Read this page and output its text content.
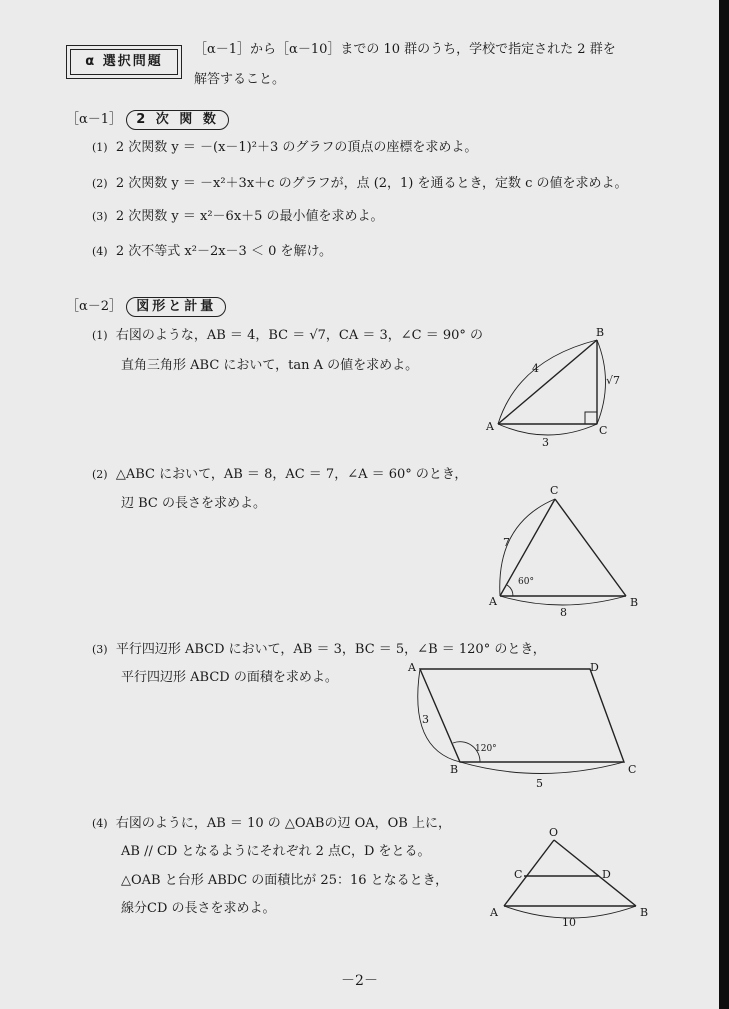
α 選択問題
［α－1］から［α－10］までの 10 群のうち，学校で指定された 2 群を
解答すること。
［α－1］ 2 次 関 数
(1) 2 次関数 y ＝ －(x－1)²＋3 のグラフの頂点の座標を求めよ。
(2) 2 次関数 y ＝ －x²＋3x＋c のグラフが，点 (2，1) を通るとき，定数 c の値を求めよ。
(3) 2 次関数 y ＝ x²－6x＋5 の最小値を求めよ。
(4) 2 次不等式 x²－2x－3 ＜ 0 を解け。
［α－2］ 図形と計量
(1) 右図のような，AB ＝ 4，BC ＝ √7，CA ＝ 3，∠C ＝ 90° の
直角三角形 ABC において，tan A の値を求めよ。
A
B
C
4
√7
3
(2) △ABC において，AB ＝ 8，AC ＝ 7，∠A ＝ 60° のとき，
辺 BC の長さを求めよ。
A	B
C
7
8
60°
(3) 平行四辺形 ABCD において，AB ＝ 3，BC ＝ 5，∠B ＝ 120° のとき，
平行四辺形 ABCD の面積を求めよ。
A	D
B	C
3
5
120°
(4) 右図のように，AB ＝ 10 の △OABの辺 OA，OB 上に，
AB // CD となるようにそれぞれ 2 点C，D をとる。
△OAB と台形 ABDC の面積比が 25：16 となるとき，
線分CD の長さを求めよ。
O
C	D
A	B
10
－2－
